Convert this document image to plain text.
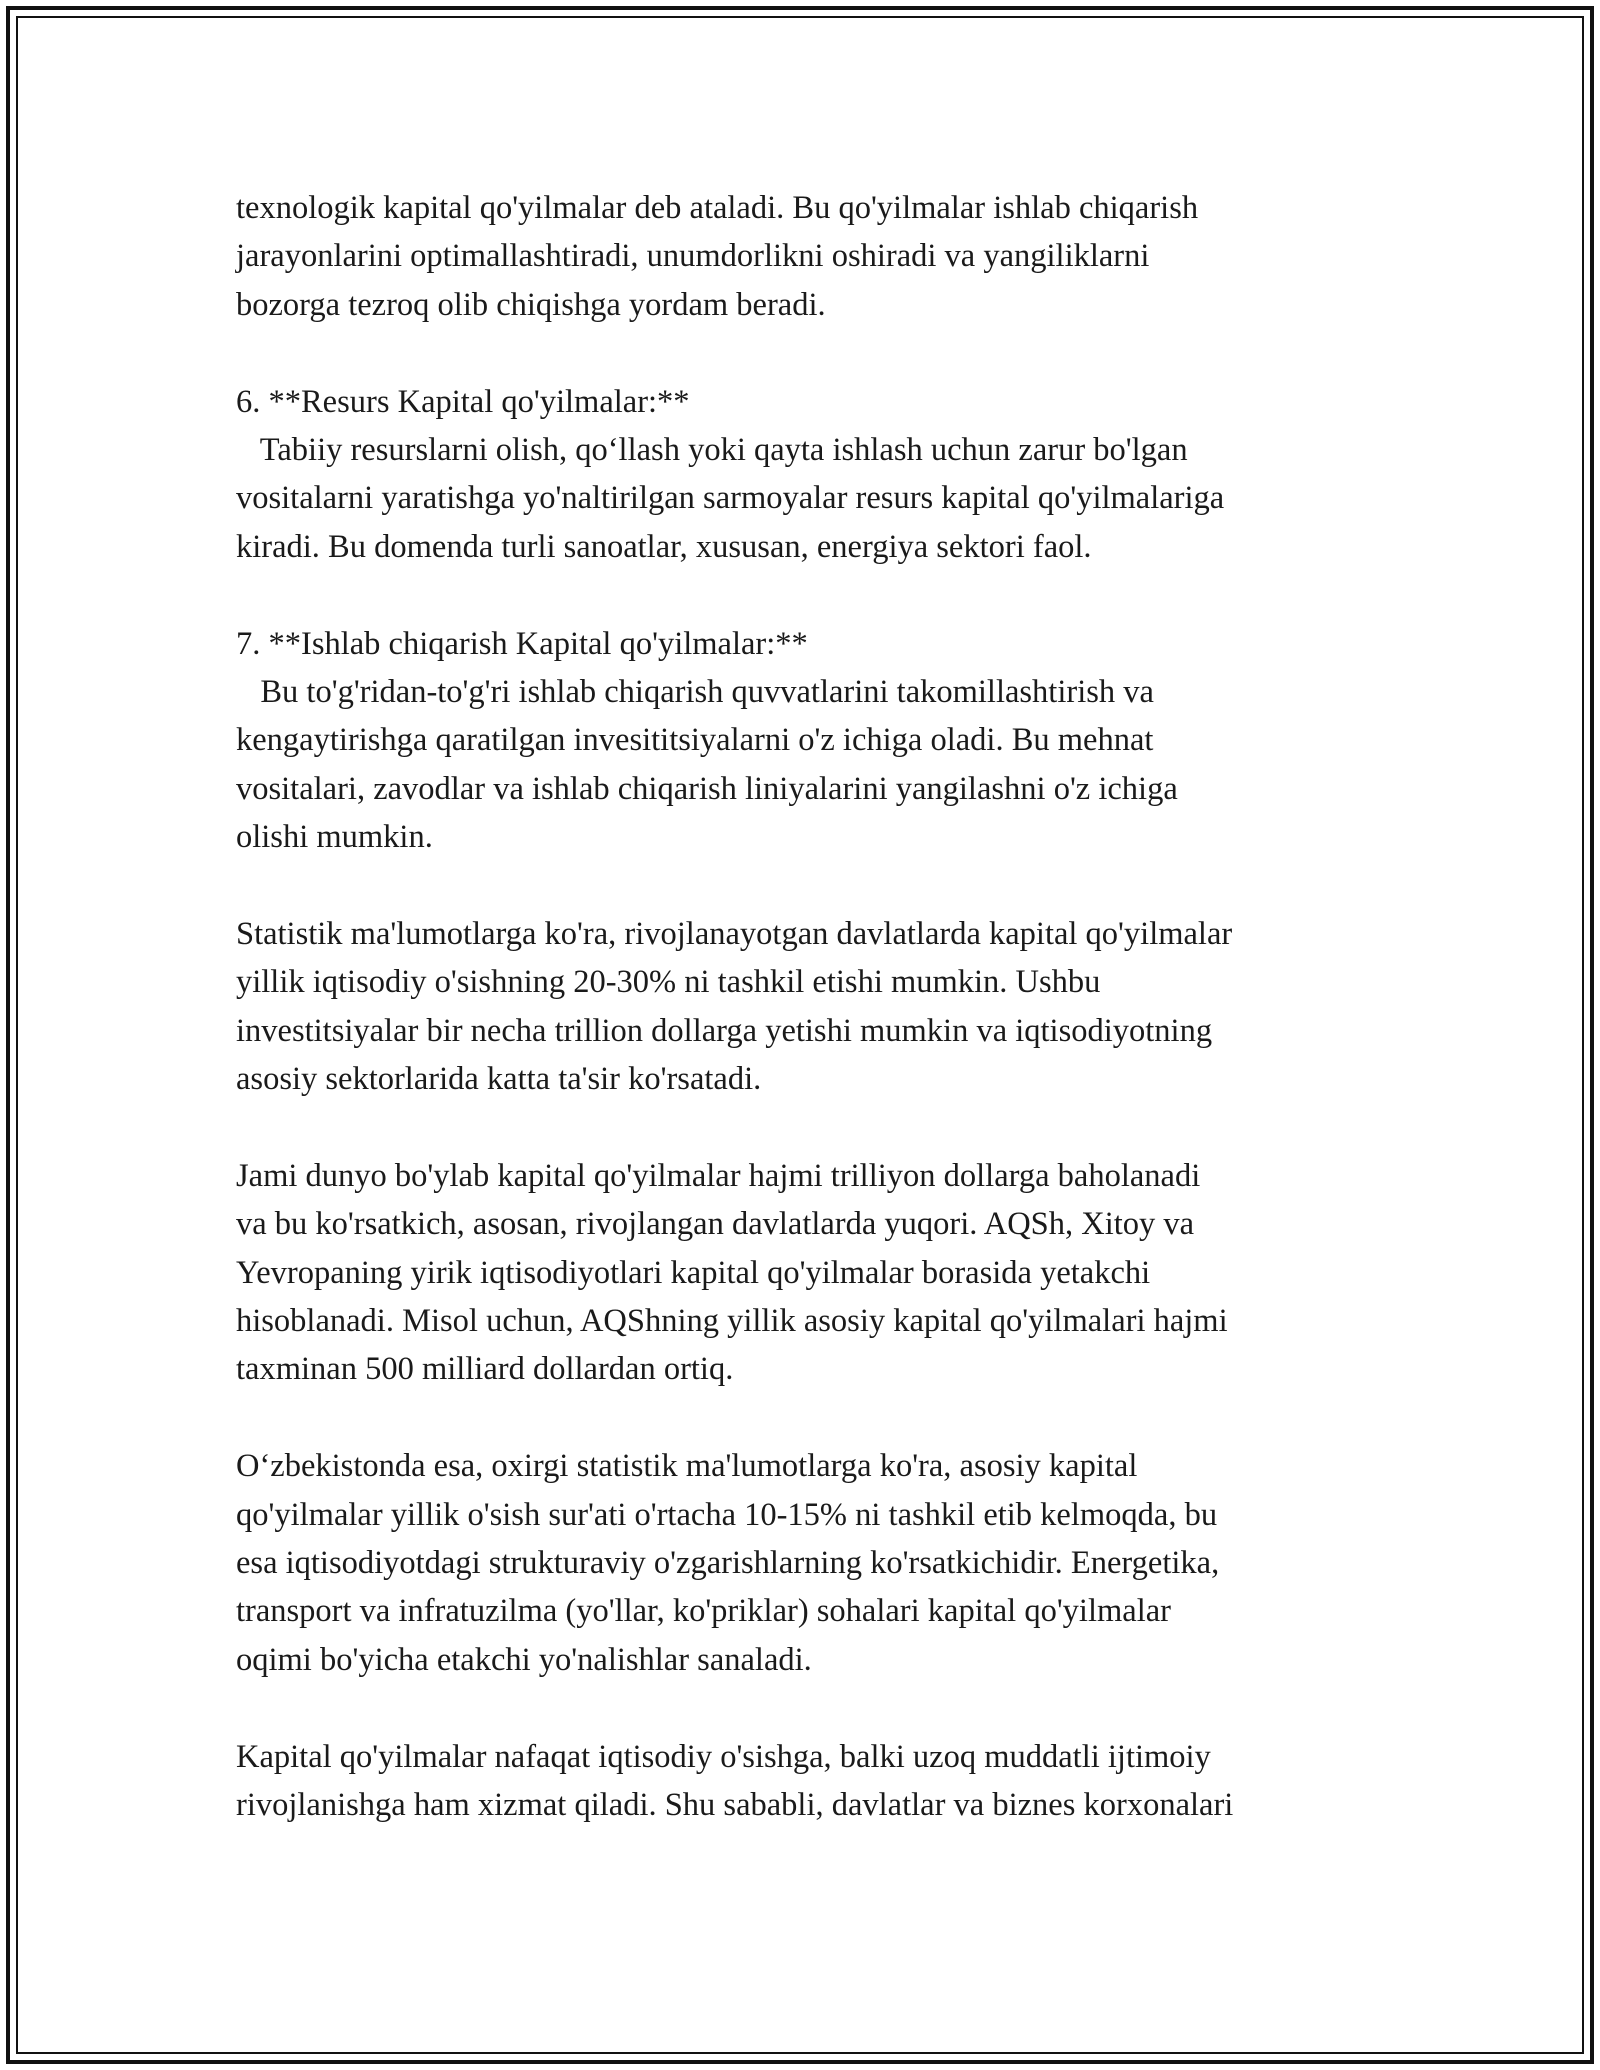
texnologik kapital qo'yilmalar deb ataladi. Bu qo'yilmalar ishlab chiqarish
jarayonlarini optimallashtiradi, unumdorlikni oshiradi va yangiliklarni
bozorga tezroq olib chiqishga yordam beradi.
6. **Resurs Kapital qo'yilmalar:**
Tabiiy resurslarni olish, qo‘llash yoki qayta ishlash uchun zarur bo'lgan
vositalarni yaratishga yo'naltirilgan sarmoyalar resurs kapital qo'yilmalariga
kiradi. Bu domenda turli sanoatlar, xususan, energiya sektori faol.
7. **Ishlab chiqarish Kapital qo'yilmalar:**
Bu to'g'ridan-to'g'ri ishlab chiqarish quvvatlarini takomillashtirish va
kengaytirishga qaratilgan invesititsiyalarni o'z ichiga oladi. Bu mehnat
vositalari, zavodlar va ishlab chiqarish liniyalarini yangilashni o'z ichiga
olishi mumkin.
Statistik ma'lumotlarga ko'ra, rivojlanayotgan davlatlarda kapital qo'yilmalar
yillik iqtisodiy o'sishning 20-30% ni tashkil etishi mumkin. Ushbu
investitsiyalar bir necha trillion dollarga yetishi mumkin va iqtisodiyotning
asosiy sektorlarida katta ta'sir ko'rsatadi.
Jami dunyo bo'ylab kapital qo'yilmalar hajmi trilliyon dollarga baholanadi
va bu ko'rsatkich, asosan, rivojlangan davlatlarda yuqori. AQSh, Xitoy va
Yevropaning yirik iqtisodiyotlari kapital qo'yilmalar borasida yetakchi
hisoblanadi. Misol uchun, AQShning yillik asosiy kapital qo'yilmalari hajmi
taxminan 500 milliard dollardan ortiq.
O‘zbekistonda esa, oxirgi statistik ma'lumotlarga ko'ra, asosiy kapital
qo'yilmalar yillik o'sish sur'ati o'rtacha 10-15% ni tashkil etib kelmoqda, bu
esa iqtisodiyotdagi strukturaviy o'zgarishlarning ko'rsatkichidir. Energetika,
transport va infratuzilma (yo'llar, ko'priklar) sohalari kapital qo'yilmalar
oqimi bo'yicha etakchi yo'nalishlar sanaladi.
Kapital qo'yilmalar nafaqat iqtisodiy o'sishga, balki uzoq muddatli ijtimoiy
rivojlanishga ham xizmat qiladi. Shu sababli, davlatlar va biznes korxonalari
